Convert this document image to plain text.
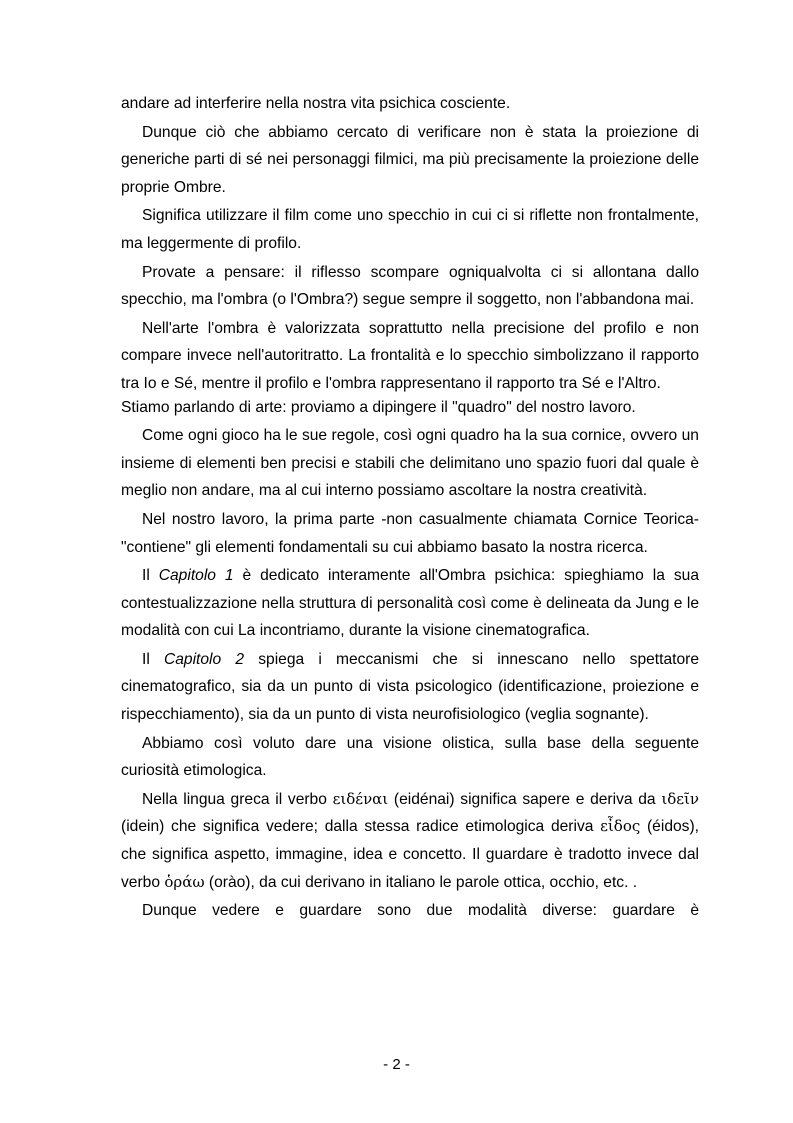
andare ad interferire nella nostra vita psichica cosciente.

Dunque ciò che abbiamo cercato di verificare non è stata la proiezione di generiche parti di sé nei personaggi filmici, ma più precisamente la proiezione delle proprie Ombre.

Significa utilizzare il film come uno specchio in cui ci si riflette non frontalmente, ma leggermente di profilo.

Provate a pensare: il riflesso scompare ogniqualvolta ci si allontana dallo specchio, ma l'ombra (o l'Ombra?) segue sempre il soggetto, non l'abbandona mai.

Nell'arte l'ombra è valorizzata soprattutto nella precisione del profilo e non compare invece nell'autoritratto. La frontalità e lo specchio simbolizzano il rapporto tra Io e Sé, mentre il profilo e l'ombra rappresentano il rapporto tra Sé e l'Altro.

Stiamo parlando di arte: proviamo a dipingere il "quadro" del nostro lavoro.

Come ogni gioco ha le sue regole, così ogni quadro ha la sua cornice, ovvero un insieme di elementi ben precisi e stabili che delimitano uno spazio fuori dal quale è meglio non andare, ma al cui interno possiamo ascoltare la nostra creatività.

Nel nostro lavoro, la prima parte -non casualmente chiamata Cornice Teorica- "contiene" gli elementi fondamentali su cui abbiamo basato la nostra ricerca.

Il Capitolo 1 è dedicato interamente all'Ombra psichica: spieghiamo la sua contestualizzazione nella struttura di personalità così come è delineata da Jung e le modalità con cui La incontriamo, durante la visione cinematografica.

Il Capitolo 2 spiega i meccanismi che si innescano nello spettatore cinematografico, sia da un punto di vista psicologico (identificazione, proiezione e rispecchiamento), sia da un punto di vista neurofisiologico (veglia sognante).

Abbiamo così voluto dare una visione olistica, sulla base della seguente curiosità etimologica.

Nella lingua greca il verbo ειδέναι (eidénai) significa sapere e deriva da ιδεῖν (idein) che significa vedere; dalla stessa radice etimologica deriva εἶδος (éidos), che significa aspetto, immagine, idea e concetto. Il guardare è tradotto invece dal verbo ὁράω (orào), da cui derivano in italiano le parole ottica, occhio, etc. .

Dunque vedere e guardare sono due modalità diverse: guardare è

- 2 -
